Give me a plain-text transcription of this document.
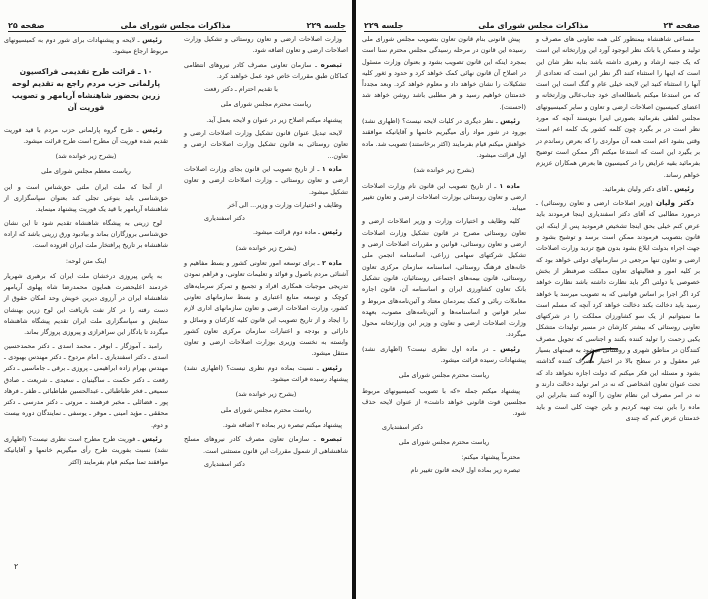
جلسه ۲۲۹
مذاکرات مجلس شورای ملی
صفحه ۲۵

وزارت اصلاحات ارضی و تعاون روستائی و تشکیل وزارت اصلاحات ارضی و تعاون اضافه شود.

تبصره ـ سازمان تعاونی مصرف کادر نیروهای انتظامی کماکان طبق مقررات خاص خود عمل خواهند کرد.

با تقدیم احترام ـ دکتر رفعت

ریاست محترم مجلس شورای ملی

پیشنهاد میکنم اصلاح زیر در عنوان و لایحه بعمل آید.

لایحه تبدیل عنوان قانون تشکیل وزارت اصلاحات ارضی و تعاون روستائی به قانون تشکیل وزارت اصلاحات ارضی و تعاون...

ماده ۱ ـ از تاریخ تصویب این قانون بجای وزارت اصلاحات ارضی و تعاون روستائی ـ وزارت اصلاحات ارضی و تعاون تشکیل میشود.

وظایف و اختیارات وزارت و وزیر... الی آخر

دکتر اسفندیاری

رئیس ـ ماده دوم قرائت میشود.

(بشرح زیر خوانده شد)

ماده ۲ ـ برای توسعه امور تعاونی کشور و بسط مفاهیم و آشنائی مردم باصول و فوائد و تعلیمات تعاونی، و فراهم نمودن تدریجی موجبات همکاری افراد و تجمیع و تمرکز سرمایه‌های کوچک و توسعه منابع اعتباری و بسط سازمانهای تعاونی کشور، وزارت اصلاحات ارضی و تعاون سازمانهای اداری لازم را ایجاد و از تاریخ تصویب این قانون کلیه کارکنان و وسائل و دارائی و بودجه و اعتبارات سازمان مرکزی تعاون کشور وابسته به نخست وزیری بوزارت اصلاحات ارضی و تعاون منتقل میشود.

رئیس ـ نسبت بماده دوم نظری نیست؟ (اظهاری نشد) پیشنهاد رسیده قرائت میشود.

(بشرح زیر خوانده شد)

ریاست محترم مجلس شورای ملی

پیشنهاد میکنم تبصره زیر بماده ۲ اضافه شود.

تبصره ـ سازمان تعاون مصرف کادر نیروهای مسلح شاهنشاهی از شمول مقررات این قانون مستثنی است.

دکتر اسفندیاری

رئیس ـ لایحه و پیشنهادات برای شور دوم به کمیسیونهای مربوط ارجاع میشود.

۱۰ ـ قرائت طرح تقدیمی فراکسیون پارلمانی حزب مردم راجع به تقدیم لوحه زرین بحضور شاهنشاه آریامهر و تصویب فوریت آن

رئیس ـ طرح گروه پارلمانی حزب مردم با قید فوریت تقدیم شده فوریت آن مطرح است طرح قرائت میشود.

(بشرح زیر خوانده شد)

ریاست معظم مجلس شورای ملی

از آنجا که ملت ایران ملتی حق‌شناس است و این حق‌شناسی باید بنوعی تجلی کند بعنوان سپاسگزاری از شاهنشاه آریامهر با قید یک فوریت پیشنهاد مینماید.

لوح زرینی به پیشگاه شاهنشاه تقدیم شود تا این نشان حق‌شناسی بروزگاران بماند و بیادبود ورق زرینی باشد که اراده شاهنشاه بر تاریخ پرافتخار ملت ایران افزوده است.

اینک متن لوحه:

به پاس پیروزی درخشان ملت ایران که برهبری شهریار خردمند اعلیحضرت همایون محمدرضا شاه پهلوی آریامهر شاهنشاه ایران در آرزوی دیرین خویش وحد امکان حقوق از دست رفته را در کار نفت بازیافت این لوح زرین بهنشان ستایش و سپاسگزاری ملت ایران تقدیم پیشگاه شاهنشاه میگردد تا یادگار این سرافرازی و پیروزی پروزگار بماند.

رامبد ـ آموزگار ـ ابوفر ـ محمد اسدی ـ دکتر محمدحسین اسدی ـ دکتر اسفندیاری ـ امام مردوخ ـ دکتر مهندس بهبودی ـ مهندس بهرام زاده ابراهیمی ـ پروزی ـ برقی ـ جاماسبی ـ دکتر رفعت ـ دکتر حکمت ـ ساگینیان ـ سعیدی ـ شریعت ـ صادق سمیعی ـ فخر طباطبائی ـ عبدالحسین طباطبائی ـ ظفر ـ فرهاد پور ـ فضائلی ـ مخبر فرهمند ـ مروتی ـ دکتر مدرسی ـ دکتر محققی ـ مؤید امینی ـ موقر ـ یوسفی ـ نمایندگان دوره بیست و دوم.

رئیس ـ فوریت طرح مطرح است نظری نیست؟ (اظهاری نشد) نسبت بفوریت طرح رأی میگیریم خانمها و آقایانیکه موافقند تمنا میکنم قیام بفرمایند (اکثر

۲
صفحه ۲۴
مذاکرات مجلس شورای ملی
جلسه ۲۲۹

پیش قانونی بنام قانون تعاون بتصویب مجلس شورای ملی رسیده این قانون در مرحله رسیدگی مجلس محترم سنا است بمجرد اینکه این قانون تصویب بشود و بعنوان وزارت مسئول در اصلاح آن قانون نهائی کمک خواهد کرد و حدود و ثغور کلیه تشکیلات را نشان خواهد داد و معلوم خواهد کرد. وبعد مجدداً خدمتتان خواهیم رسید و هر مطلبی باشد روشن خواهد شد (احسنت).

رئیس ـ نظر دیگری در کلیات لایحه نیست؟ (اظهاری نشد) بورود در شور مواد رأی میگیریم خانمها و آقایانیکه موافقند خواهش میکنم قیام بفرمایند (اکثر برخاستند) تصویب شد. ماده اول قرائت میشود.

(بشرح زیر خوانده شد)

ماده ۱ ـ از تاریخ تصویب این قانون نام وزارت اصلاحات ارضی و تعاون روستائی بوزارت اصلاحات ارضی و تعاون تغییر مییابد.

کلیه وظایف و اختیارات وزارت و وزیر اصلاحات ارضی و تعاون روستائی مصرح در قانون تشکیل وزارت اصلاحات ارضی و تعاون روستائی، قوانین و مقررات اصلاحات ارضی و تشکیل شرکتهای سهامی زراعی، اساسنامه انجمن ملی خانه‌های فرهنگ روستائی، اساسنامه سازمان مرکزی تعاون روستائی، قانون بیمه‌های اجتماعی روستائیان، قانون تشکیل بانک تعاون کشاورزی ایران و اساسنامه آن، قانون اجاره معاملات ربائی و کمک بمردمان معتاد و آئین‌نامه‌های مربوط و سایر قوانین و اساسنامه‌ها و آئین‌نامه‌های مصوب، بعهده وزارت اصلاحات ارضی و تعاون و وزیر این وزارتخانه محول میگردد.

رئیس ـ در ماده اول نظری نیست؟ (اظهاری نشد) پیشنهادات رسیده قرائت میشود.

ریاست محترم مجلس شورای ملی

پیشنهاد میکنم جمله «که با تصویب کمیسیونهای مربوط مجلسین قوت قانونی خواهد داشت» از عنوان لایحه حذف شود.

دکتر اسفندیاری

ریاست محترم مجلس شورای ملی

محترماً پیشنهاد میکنم:

تبصره زیر بماده اول لایحه قانون تغییر نام

مساعی شاهنشاه بیمنظور کلی همه تعاونی های مصرف و تولید و مسکن یا بانک نظر ابوجود آورد این وزارتخانه این است که یک جنبه ارشاد و رهبری داشته باشد بنابه نظر شان این است که اینها را استثناء کنند اگر نظر این است که تعدادی از آنها را استثناء کنید این لایحه خیلی عام و گنگ است این است که من استدعا میکنم بامطالعه‌ای خود جناب‌عالی وزارتخانه و اعضای کمیسیون اصلاحات ارضی و تعاون و سایر کمیسیونهای مجلس لطفی بفرمائید بصورتی اینرا بنویسند آنچه که مورد نظر است در بر بگیرد چون کلمه کشور یک کلمه اعم است وقتی بشود اعم است همه آن مواردی را که بعرض رساندم در بر بگیرد این است که استدعا میکنم اگر ممکن است توضیح بفرمائید بقیه عرایض را در کمیسیون ها بعرض همکاران عزیزم خواهم رساند.

رئیس ـ آقای دکتر ولیان بفرمائید.

دکتر ولیان (وزیر اصلاحات ارضی و تعاون روستائی) ـ درمورد مطالبی که آقای دکتر اسفندیاری اینجا فرمودند باید عرض کنم خیلی بحق اینجا تشخیص فرمودید پس از اینکه این قانون بتصویب فرمودند ممکن است برسد و توشیح بشود و جهت اجراء بدولت ابلاغ بشود بدون هیچ تردید وزارت اصلاحات ارضی و تعاون تنها مرجعی در سازمانهای دولتی خواهد بود که بر کلیه امور و فعالیتهای تعاون مملکت صرفنظر از بخش خصوصی یا دولتی اگر باید نظارت داشته باشد نظارت خواهد کرد اگر اجرا بر اساس قوانینی که به تصویب میرسد یا خواهد رسید باید دخالت بکند دخالت خواهد کرد آنچه که مسلم است ما نمیتوانیم از یک سو کشاورزان مملکت را در شرکتهای تعاونی روستائی که بیشتر کارشان در مسیر تولیدات متشکل یکبی زحمت را تولید کننده بکنند و اجناسی که تحویل مصرف کنندگان در مناطق شهری و روستائی میشود به قیمتهای بسیار غیر معقول و در سطح بالا در اختیار مصرف کننده گذاشته بشود و مسئله این فکر میکنم که دولت اجازه نخواهد داد که تحت عنوان تعاون اشخاصی که نه در امر تولید دخالت دارند و نه در امر مصرف این نظام تعاون را آلوده کنند بنابراین این ماده را باین نیت تهیه کردیم و باین جهت کلی است و باید خدمتتان عرض کنم که چندی
